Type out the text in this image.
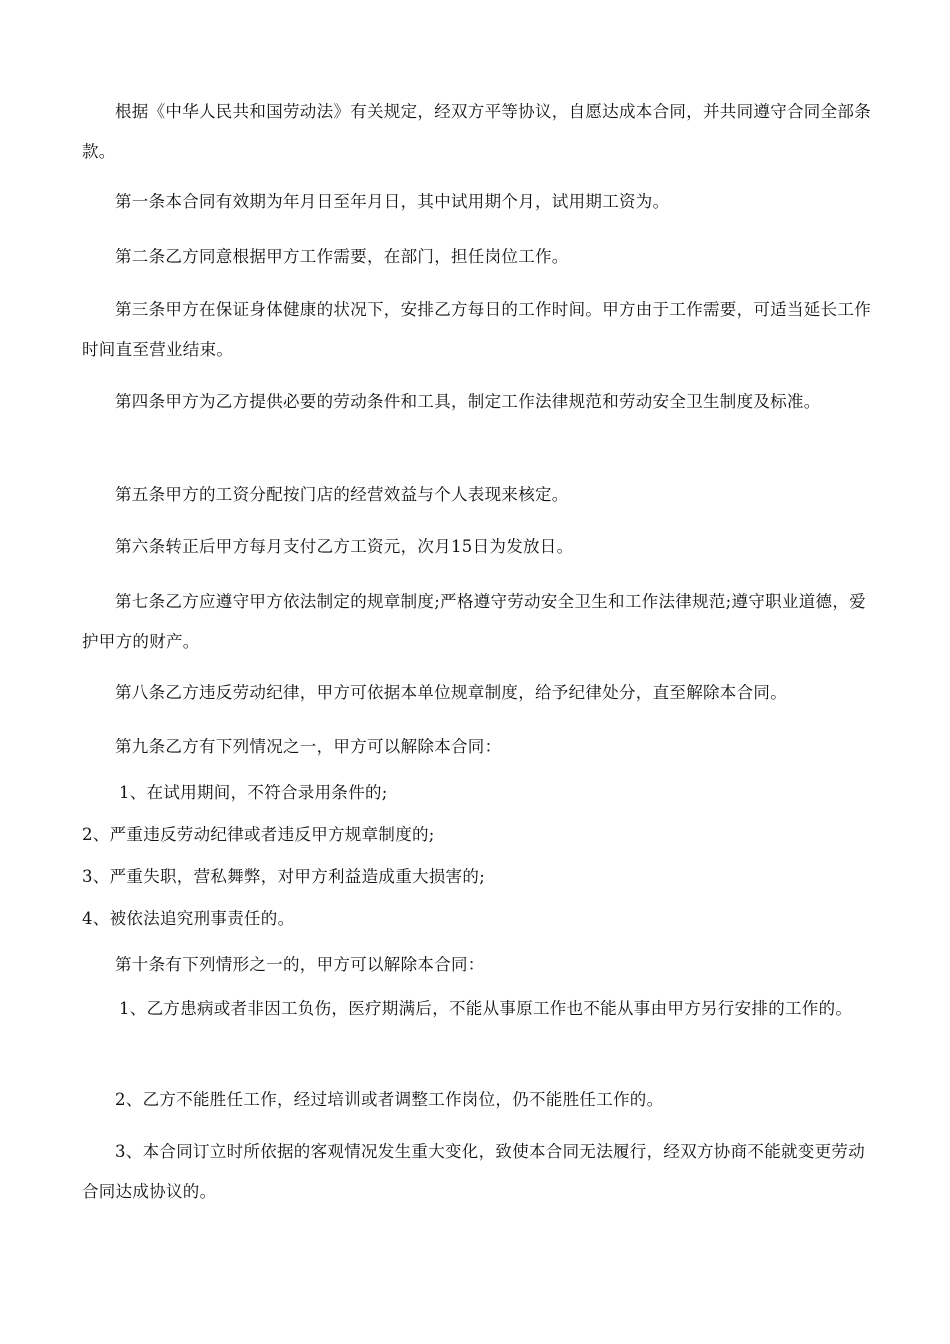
根据《中华人民共和国劳动法》有关规定，经双方平等协议，自愿达成本合同，并共同遵守合同全部条款。

第一条本合同有效期为年月日至年月日，其中试用期个月，试用期工资为。

第二条乙方同意根据甲方工作需要，在部门，担任岗位工作。

第三条甲方在保证身体健康的状况下，安排乙方每日的工作时间。甲方由于工作需要，可适当延长工作时间直至营业结束。

第四条甲方为乙方提供必要的劳动条件和工具，制定工作法律规范和劳动安全卫生制度及标准。

第五条甲方的工资分配按门店的经营效益与个人表现来核定。

第六条转正后甲方每月支付乙方工资元，次月15日为发放日。

第七条乙方应遵守甲方依法制定的规章制度;严格遵守劳动安全卫生和工作法律规范;遵守职业道德，爱护甲方的财产。

第八条乙方违反劳动纪律，甲方可依据本单位规章制度，给予纪律处分，直至解除本合同。

第九条乙方有下列情况之一，甲方可以解除本合同：

1、在试用期间，不符合录用条件的;

2、严重违反劳动纪律或者违反甲方规章制度的;

3、严重失职，营私舞弊，对甲方利益造成重大损害的;

4、被依法追究刑事责任的。

第十条有下列情形之一的，甲方可以解除本合同：

1、乙方患病或者非因工负伤，医疗期满后，不能从事原工作也不能从事由甲方另行安排的工作的。

2、乙方不能胜任工作，经过培训或者调整工作岗位，仍不能胜任工作的。

3、本合同订立时所依据的客观情况发生重大变化，致使本合同无法履行，经双方协商不能就变更劳动合同达成协议的。
